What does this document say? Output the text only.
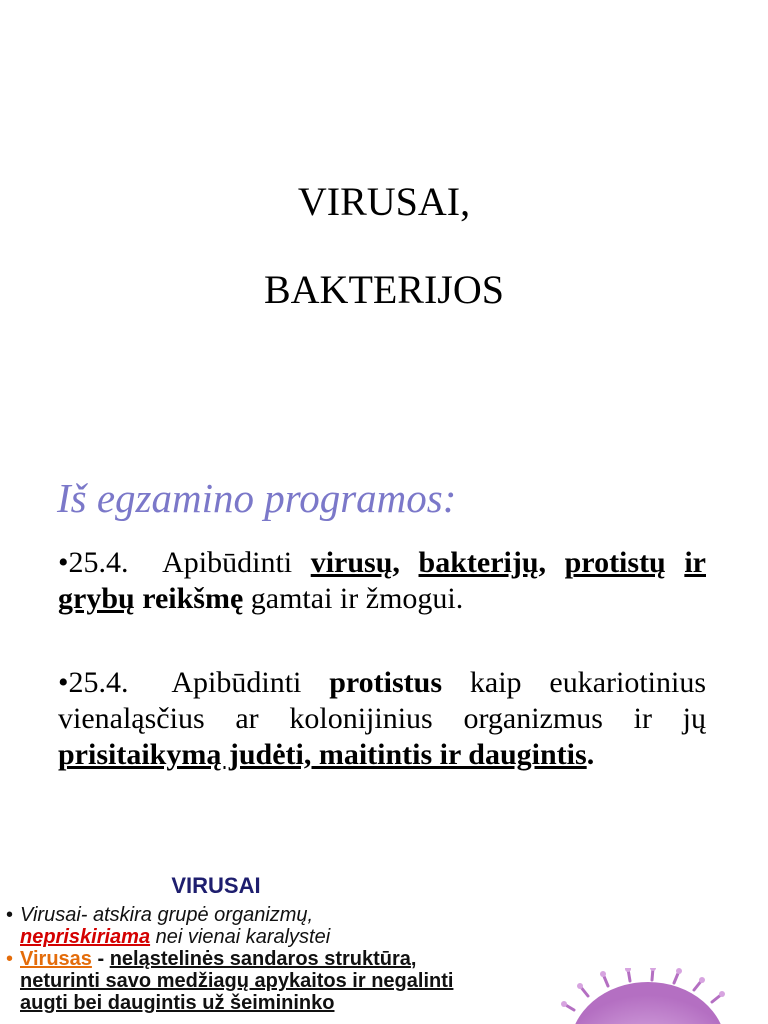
VIRUSAI,
BAKTERIJOS
Iš egzamino programos:
•25.4. Apibūdinti virusų, bakterijų, protistų ir grybų reikšmę gamtai ir žmogui.
•25.4. Apibūdinti protistus kaip eukariotinius vienaląsčius ar kolonijinius organizmus ir jų prisitaikymą judėti, maitintis ir daugintis.
VIRUSAI
• Virusai- atskira grupė organizmų,
nepriskiriama nei vienai karalystei
• Virusas - neląstelinės sandaros struktūra,
neturinti savo medžiagų apykaitos ir negalinti augti bei daugintis už šeimininko
